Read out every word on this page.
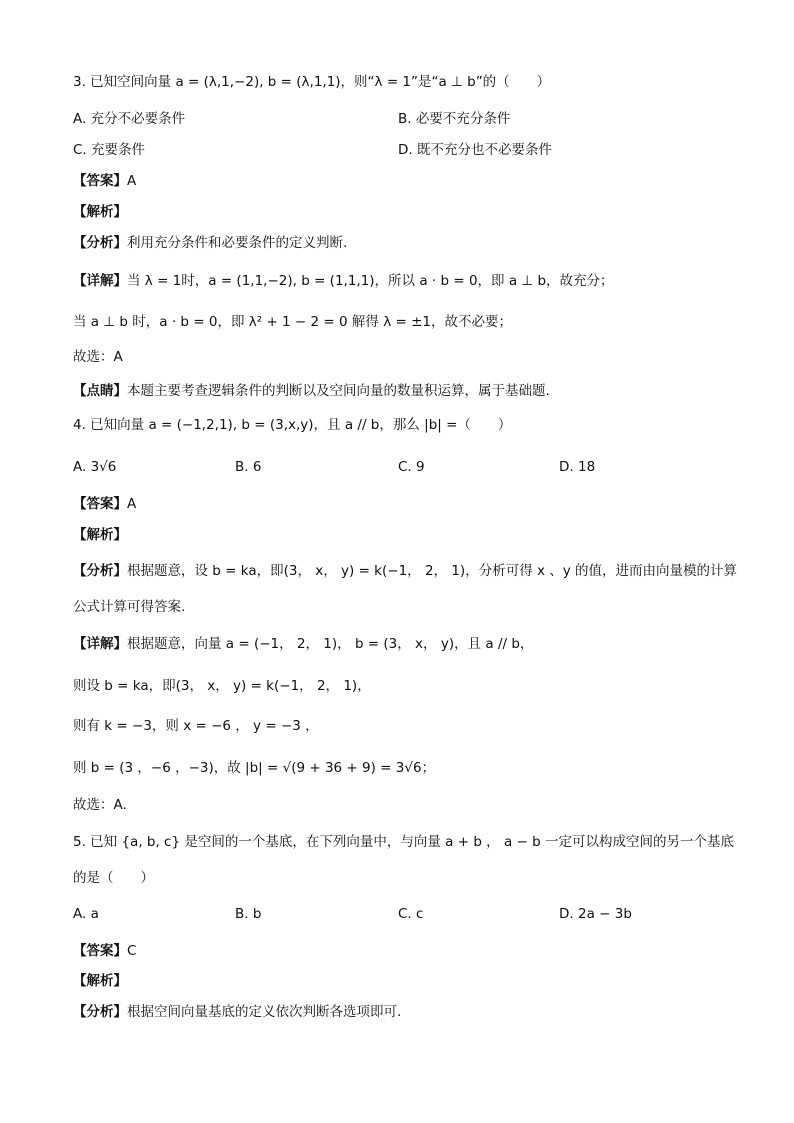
3. 已知空间向量 a = (λ,1,−2), b = (λ,1,1)，则“λ = 1”是“a ⊥ b”的（　　）
A. 充分不必要条件	B. 必要不充分条件
C. 充要条件	D. 既不充分也不必要条件
【答案】A
【解析】
【分析】利用充分条件和必要条件的定义判断.
【详解】当 λ = 1时，a = (1,1,−2), b = (1,1,1)，所以 a · b = 0，即 a ⊥ b，故充分；
当 a ⊥ b 时，a · b = 0，即 λ² + 1 − 2 = 0 解得 λ = ±1，故不必要；
故选：A
【点睛】本题主要考查逻辑条件的判断以及空间向量的数量积运算，属于基础题.
4. 已知向量 a = (−1,2,1), b = (3,x,y)，且 a // b，那么 |b| =（　　）
A. 3√6	B. 6	C. 9	D. 18
【答案】A
【解析】
【分析】根据题意，设 b = ka，即(3， x， y) = k(−1， 2， 1)，分析可得 x 、y 的值，进而由向量模的计算
公式计算可得答案.
【详解】根据题意，向量 a = (−1， 2， 1)， b = (3， x， y)，且 a // b，
则设 b = ka，即(3， x， y) = k(−1， 2， 1)，
则有 k = −3，则 x = −6 ， y = −3 ，
则 b = (3 ，−6 ，−3)，故 |b| = √(9 + 36 + 9) = 3√6；
故选：A.
5. 已知 {a, b, c} 是空间的一个基底，在下列向量中，与向量 a + b ， a − b 一定可以构成空间的另一个基底
的是（　　）
A. a	B. b	C. c	D. 2a − 3b
【答案】C
【解析】
【分析】根据空间向量基底的定义依次判断各选项即可.
